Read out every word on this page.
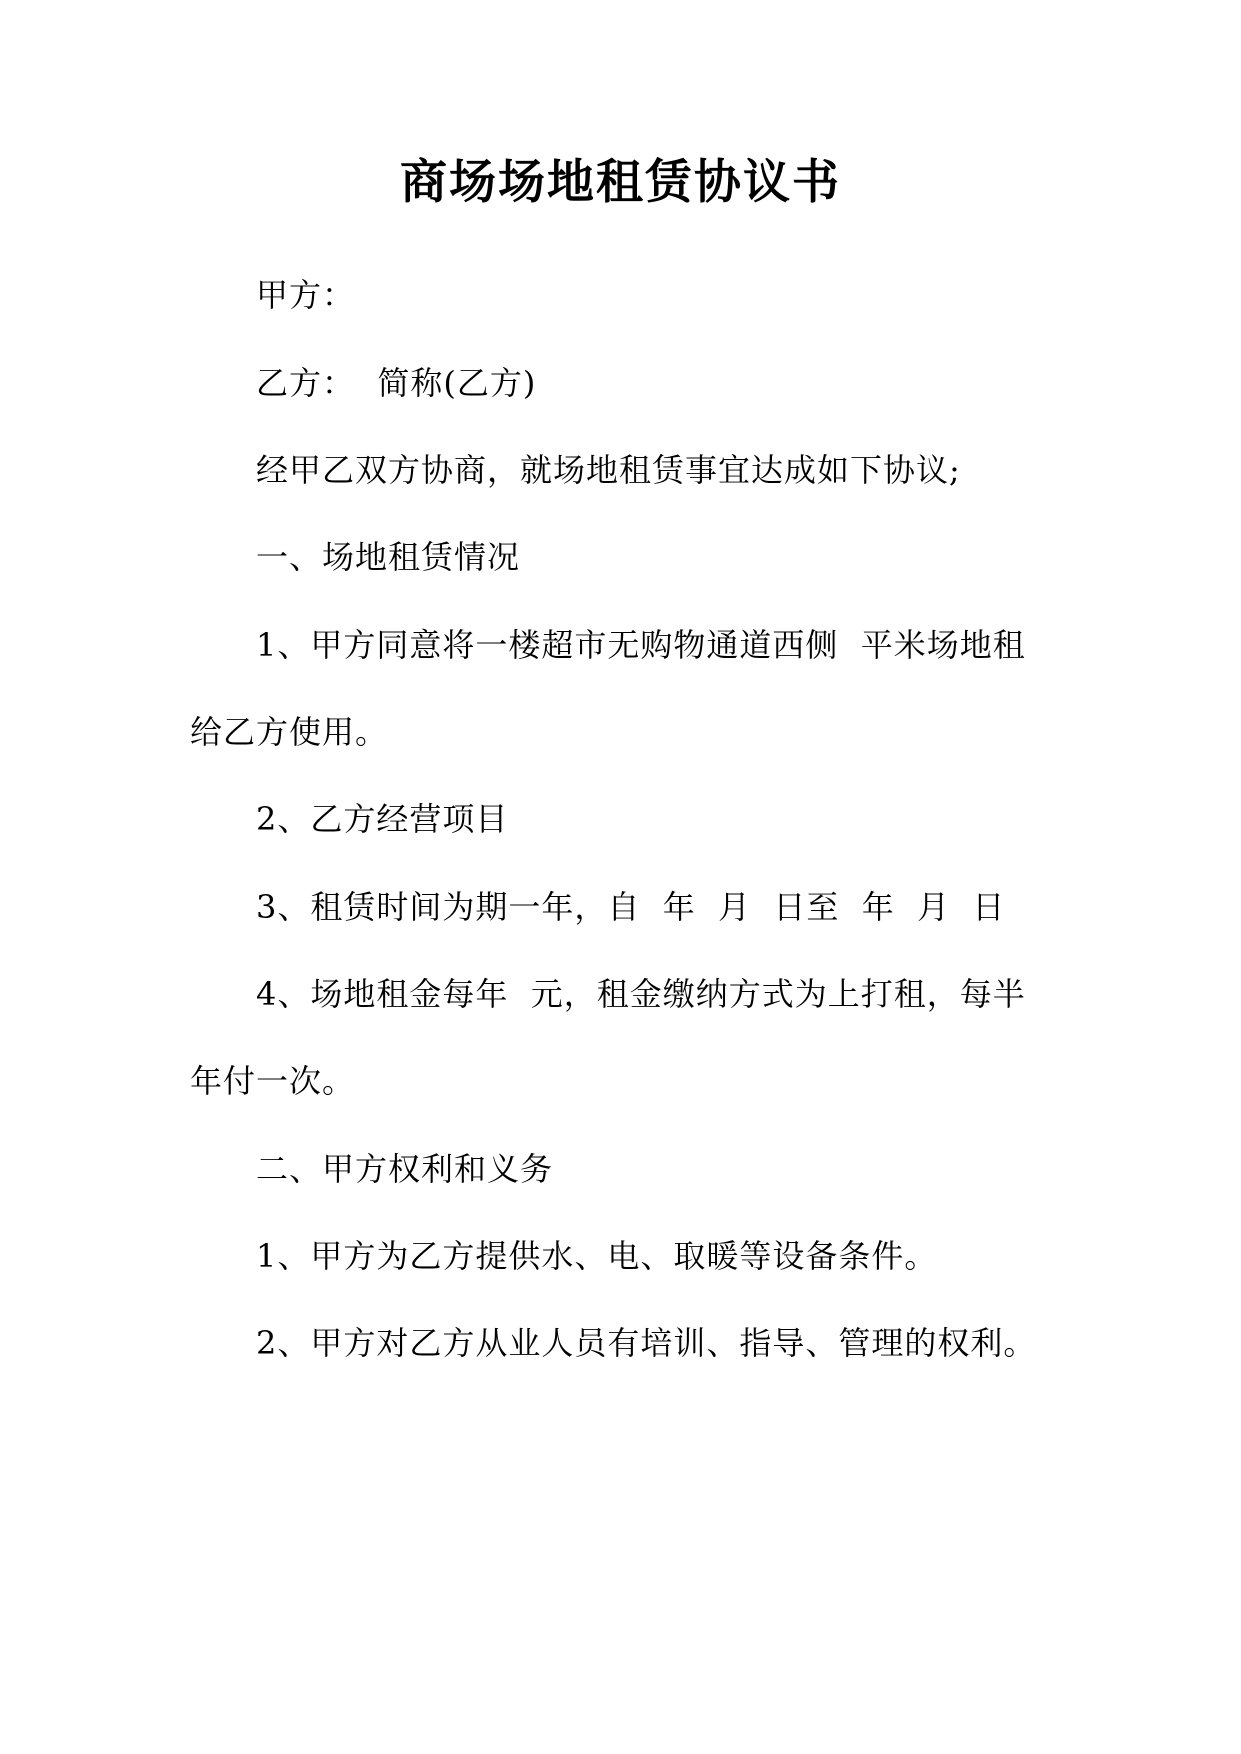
商场场地租赁协议书

甲方：

乙方：  简称(乙方)

经甲乙双方协商，就场地租赁事宜达成如下协议;

一、场地租赁情况

1、甲方同意将一楼超市无购物通道西侧  平米场地租

给乙方使用。

2、乙方经营项目

3、租赁时间为期一年，自  年  月  日至  年  月  日

4、场地租金每年  元，租金缴纳方式为上打租，每半

年付一次。

二、甲方权利和义务

1、甲方为乙方提供水、电、取暖等设备条件。

2、甲方对乙方从业人员有培训、指导、管理的权利。
